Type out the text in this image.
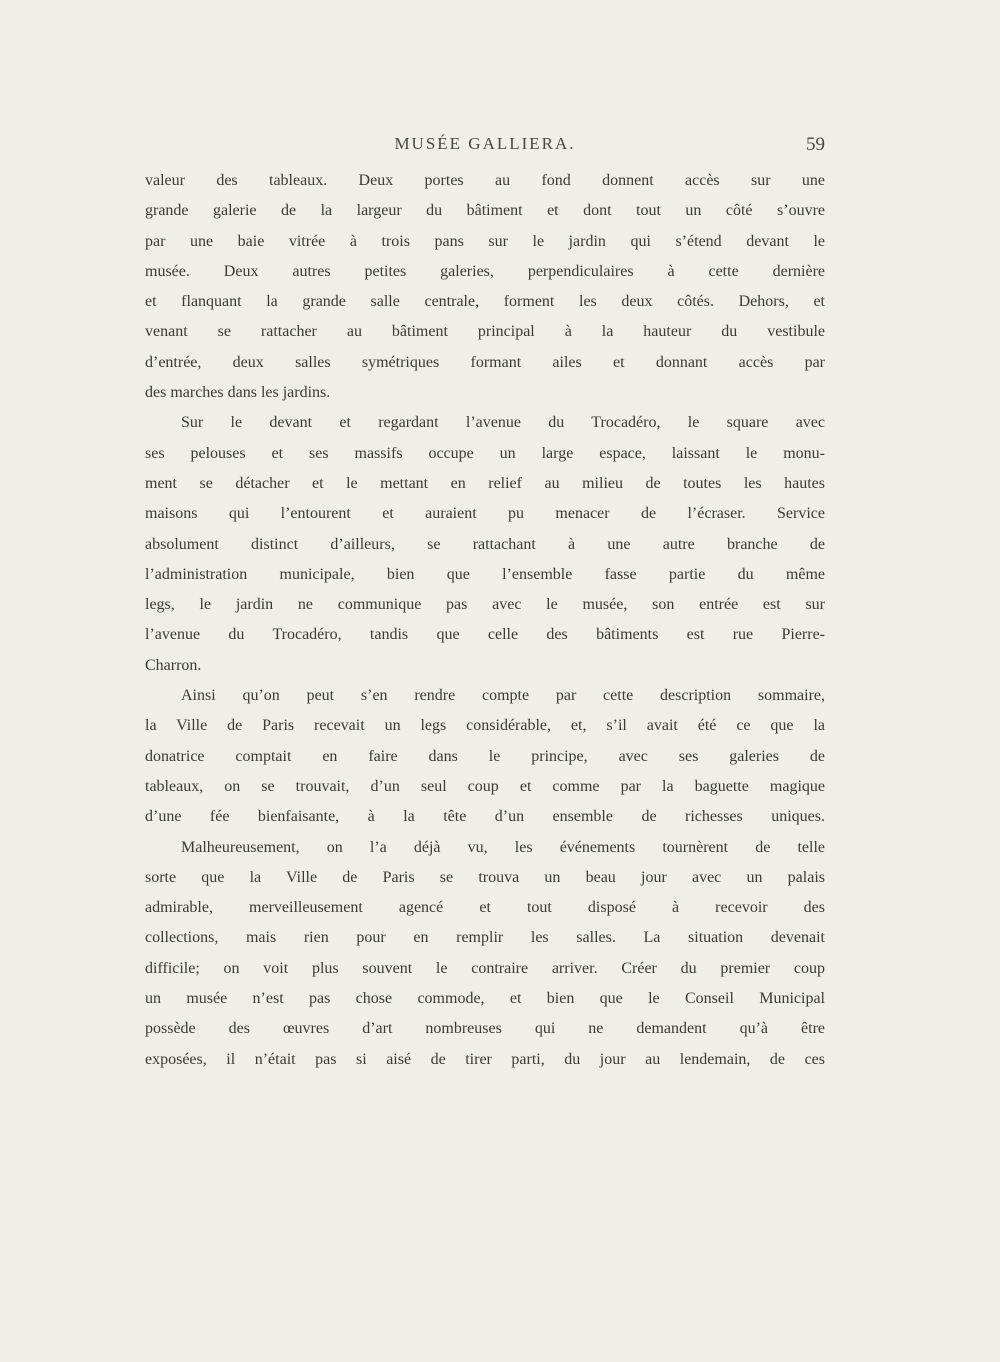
MUSÉE GALLIERA.	59
valeur des tableaux. Deux portes au fond donnent accès sur une
grande galerie de la largeur du bâtiment et dont tout un côté s’ouvre
par une baie vitrée à trois pans sur le jardin qui s’étend devant le
musée. Deux autres petites galeries, perpendiculaires à cette dernière
et flanquant la grande salle centrale, forment les deux côtés. Dehors, et
venant se rattacher au bâtiment principal à la hauteur du vestibule
d’entrée, deux salles symétriques formant ailes et donnant accès par
des marches dans les jardins.
Sur le devant et regardant l’avenue du Trocadéro, le square avec
ses pelouses et ses massifs occupe un large espace, laissant le monu-
ment se détacher et le mettant en relief au milieu de toutes les hautes
maisons qui l’entourent et auraient pu menacer de l’écraser. Service
absolument distinct d’ailleurs, se rattachant à une autre branche de
l’administration municipale, bien que l’ensemble fasse partie du même
legs, le jardin ne communique pas avec le musée, son entrée est sur
l’avenue du Trocadéro, tandis que celle des bâtiments est rue Pierre-
Charron.
Ainsi qu’on peut s’en rendre compte par cette description sommaire,
la Ville de Paris recevait un legs considérable, et, s’il avait été ce que la
donatrice comptait en faire dans le principe, avec ses galeries de
tableaux, on se trouvait, d’un seul coup et comme par la baguette magique
d’une fée bienfaisante, à la tête d’un ensemble de richesses uniques.
Malheureusement, on l’a déjà vu, les événements tournèrent de telle
sorte que la Ville de Paris se trouva un beau jour avec un palais
admirable, merveilleusement agencé et tout disposé à recevoir des
collections, mais rien pour en remplir les salles. La situation devenait
difficile; on voit plus souvent le contraire arriver. Créer du premier coup
un musée n’est pas chose commode, et bien que le Conseil Municipal
possède des œuvres d’art nombreuses qui ne demandent qu’à être
exposées, il n’était pas si aisé de tirer parti, du jour au lendemain, de ces
